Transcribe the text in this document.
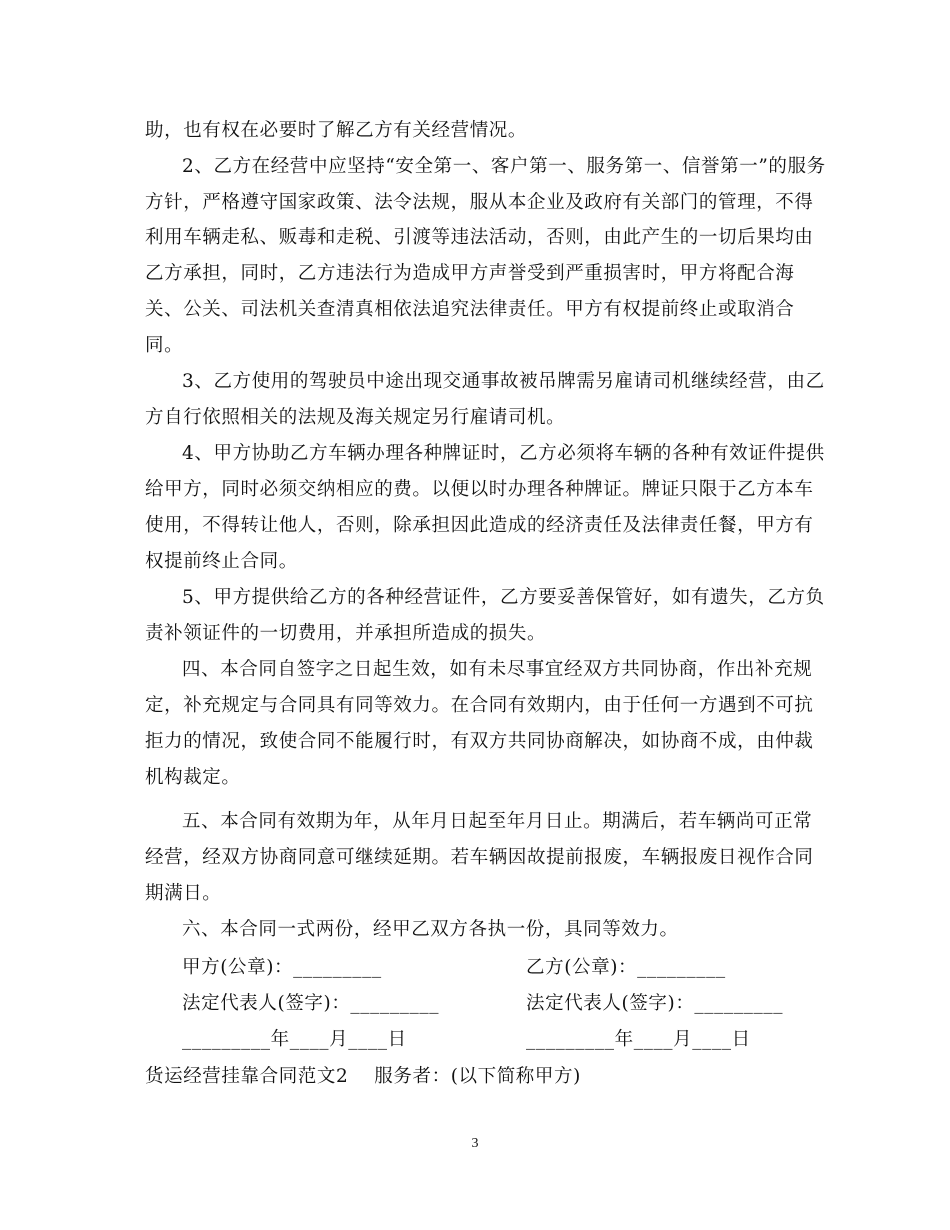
助，也有权在必要时了解乙方有关经营情况。
2、乙方在经营中应坚持“安全第一、客户第一、服务第一、信誉第一”的服务
方针，严格遵守国家政策、法令法规，服从本企业及政府有关部门的管理，不得
利用车辆走私、贩毒和走税、引渡等违法活动，否则，由此产生的一切后果均由
乙方承担，同时，乙方违法行为造成甲方声誉受到严重损害时，甲方将配合海
关、公关、司法机关查清真相依法追究法律责任。甲方有权提前终止或取消合
同。
3、乙方使用的驾驶员中途出现交通事故被吊牌需另雇请司机继续经营，由乙
方自行依照相关的法规及海关规定另行雇请司机。
4、甲方协助乙方车辆办理各种牌证时，乙方必须将车辆的各种有效证件提供
给甲方，同时必须交纳相应的费。以便以时办理各种牌证。牌证只限于乙方本车
使用，不得转让他人，否则，除承担因此造成的经济责任及法律责任餐，甲方有
权提前终止合同。
5、甲方提供给乙方的各种经营证件，乙方要妥善保管好，如有遗失，乙方负
责补领证件的一切费用，并承担所造成的损失。
四、本合同自签字之日起生效，如有未尽事宜经双方共同协商，作出补充规
定，补充规定与合同具有同等效力。在合同有效期内，由于任何一方遇到不可抗
拒力的情况，致使合同不能履行时，有双方共同协商解决，如协商不成，由仲裁
机构裁定。
五、本合同有效期为年，从年月日起至年月日止。期满后，若车辆尚可正常
经营，经双方协商同意可继续延期。若车辆因故提前报废，车辆报废日视作合同
期满日。
六、本合同一式两份，经甲乙双方各执一份，具同等效力。
甲方(公章)：_________	乙方(公章)：_________
法定代表人(签字)：_________	法定代表人(签字)：_________
_________年____月____日	_________年____月____日
货运经营挂靠合同范文2    服务者：(以下简称甲方)
3
